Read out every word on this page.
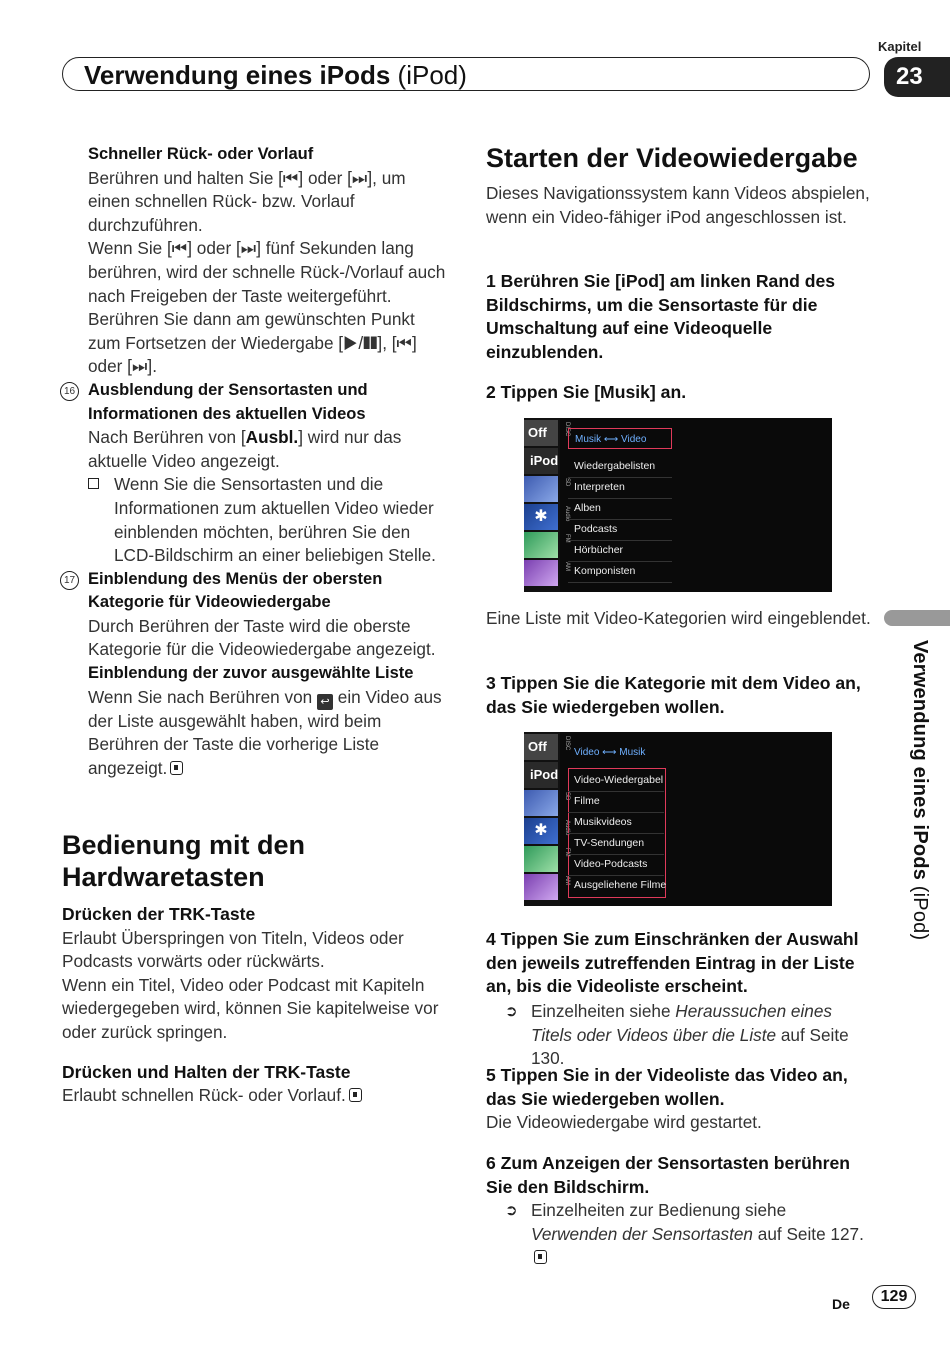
Verwendung eines iPods (iPod)
Kapitel
23
Verwendung eines iPods (iPod)
Schneller Rück- oder Vorlauf
Berühren und halten Sie [⏮] oder [⏭], um einen schnellen Rück- bzw. Vorlauf durchzuführen.
Wenn Sie [⏮] oder [⏭] fünf Sekunden lang berühren, wird der schnelle Rück-/Vorlauf auch nach Freigeben der Taste weitergeführt. Berühren Sie dann am gewünschten Punkt zum Fortsetzen der Wiedergabe [▶/❚❚], [⏮] oder [⏭].
16 Ausblendung der Sensortasten und Informationen des aktuellen Videos
Nach Berühren von [Ausbl.] wird nur das aktuelle Video angezeigt.
Wenn Sie die Sensortasten und die Informationen zum aktuellen Video wieder einblenden möchten, berühren Sie den LCD-Bildschirm an einer beliebigen Stelle.
17 Einblendung des Menüs der obersten Kategorie für Videowiedergabe
Durch Berühren der Taste wird die oberste Kategorie für die Videowiedergabe angezeigt.
Einblendung der zuvor ausgewählte Liste
Wenn Sie nach Berühren von ↩ ein Video aus der Liste ausgewählt haben, wird beim Berühren der Taste die vorherige Liste angezeigt.
Bedienung mit den Hardwaretasten
Drücken der TRK-Taste
Erlaubt Überspringen von Titeln, Videos oder Podcasts vorwärts oder rückwärts.
Wenn ein Titel, Video oder Podcast mit Kapiteln wiedergegeben wird, können Sie kapitelweise vor oder zurück springen.
Drücken und Halten der TRK-Taste
Erlaubt schnellen Rück- oder Vorlauf.
Starten der Videowiedergabe
Dieses Navigationssystem kann Videos abspielen, wenn ein Video-fähiger iPod angeschlossen ist.
1 Berühren Sie [iPod] am linken Rand des Bildschirms, um die Sensortaste für die Umschaltung auf eine Videoquelle einzublenden.
2 Tippen Sie [Musik] an.
Off
iPod
✱
DISC
SD
Audio
FM
AM
Musik ⟷ Video
Wiedergabelisten
Interpreten
Alben
Podcasts
Hörbücher
Komponisten
Eine Liste mit Video-Kategorien wird eingeblendet.
3 Tippen Sie die Kategorie mit dem Video an, das Sie wiedergeben wollen.
Off
iPod
✱
DISC
SD
Audio
FM
AM
Video ⟷ Musik
Video-Wiedergabel
Filme
Musikvideos
TV-Sendungen
Video-Podcasts
Ausgeliehene Filme
4 Tippen Sie zum Einschränken der Auswahl den jeweils zutreffenden Eintrag in der Liste an, bis die Videoliste erscheint.
➲ Einzelheiten siehe Heraussuchen eines Titels oder Videos über die Liste auf Seite 130.
5 Tippen Sie in der Videoliste das Video an, das Sie wiedergeben wollen.
Die Videowiedergabe wird gestartet.
6 Zum Anzeigen der Sensortasten berühren Sie den Bildschirm.
➲ Einzelheiten zur Bedienung siehe Verwenden der Sensortasten auf Seite 127.
De	129
